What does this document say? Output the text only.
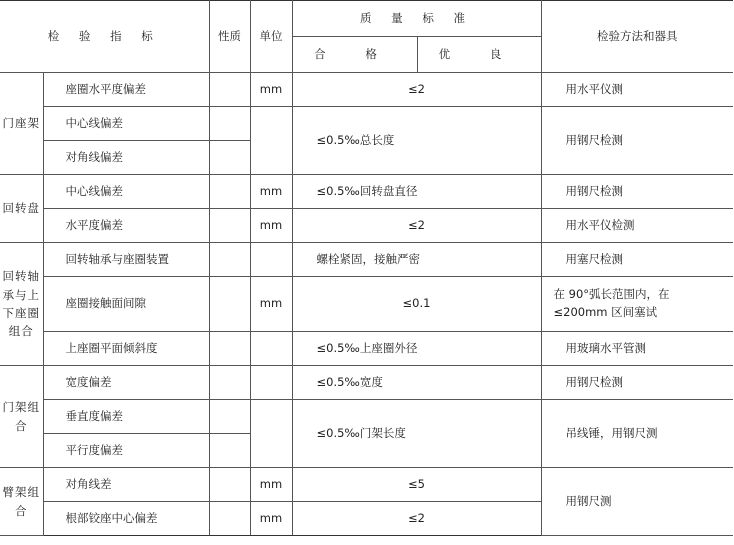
检 验 指 标		性质	单位	质 量 标 准		检验方法和器具
				合 格	优 良	
门座架	座圈水平度偏差		mm	≤2		用水平仪测
	中心线偏差			≤0.5‰总长度		用钢尺检测
	对角线偏差					
回转盘	中心线偏差		mm	≤0.5‰回转盘直径		用钢尺检测
	水平度偏差		mm	≤2		用水平仪检测
回转轴承与上下座圈组合	回转轴承与座圈装置			螺栓紧固，接触严密		用塞尺检测
	座圈接触面间隙		mm	≤0.1		在 90°弧长范围内，在≤200mm 区间塞试
	上座圈平面倾斜度			≤0.5‰上座圈外径		用玻璃水平管测
门架组合	宽度偏差			≤0.5‰宽度		用钢尺检测
	垂直度偏差			≤0.5‰门架长度		吊线锤，用钢尺测
	平行度偏差					
臂架组合	对角线差		mm	≤5		用钢尺测
	根部铰座中心偏差		mm	≤2		
